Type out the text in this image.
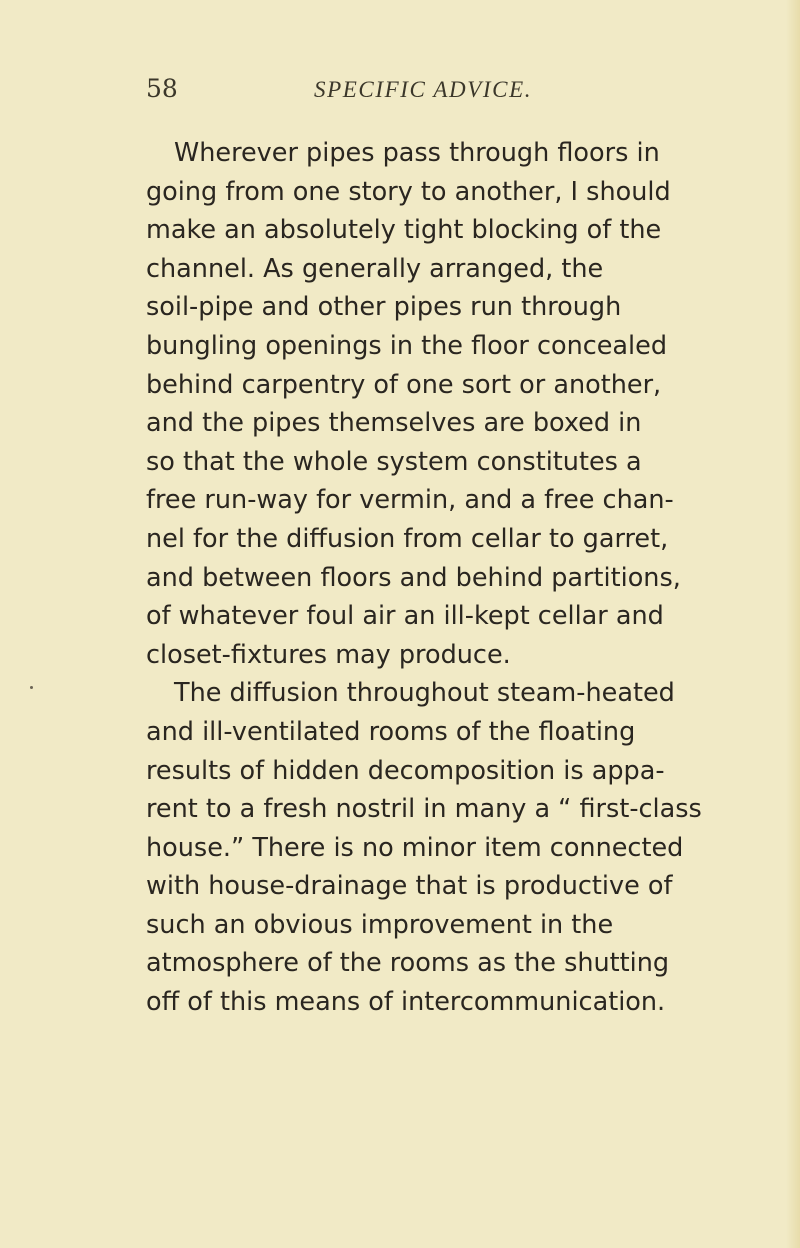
58	SPECIFIC ADVICE.
Wherever pipes pass through floors in
going from one story to another, I should
make an absolutely tight blocking of the
channel. As generally arranged, the
soil-pipe and other pipes run through
bungling openings in the floor concealed
behind carpentry of one sort or another,
and the pipes themselves are boxed in
so that the whole system constitutes a
free run-way for vermin, and a free chan-
nel for the diffusion from cellar to garret,
and between floors and behind partitions,
of whatever foul air an ill-kept cellar and
closet-fixtures may produce.
The diffusion throughout steam-heated
and ill-ventilated rooms of the floating
results of hidden decomposition is appa-
rent to a fresh nostril in many a “ first-class
house.” There is no minor item connected
with house-drainage that is productive of
such an obvious improvement in the
atmosphere of the rooms as the shutting
off of this means of intercommunication.
